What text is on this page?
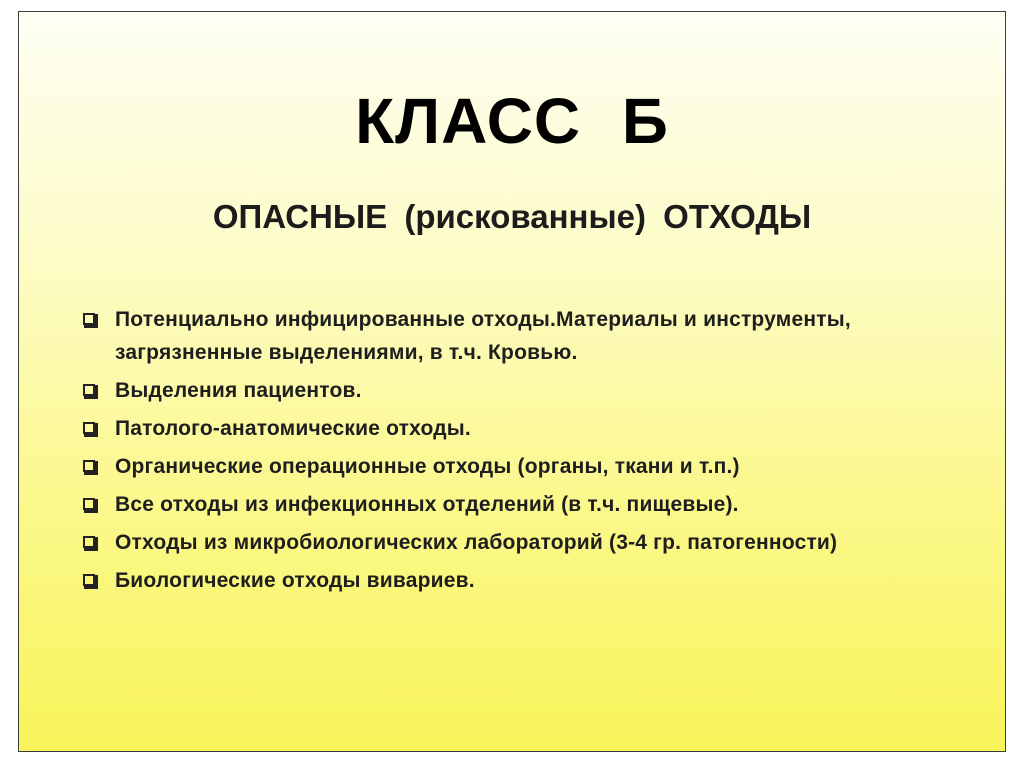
КЛАСС Б
ОПАСНЫЕ (рискованные) ОТХОДЫ
Потенциально инфицированные отходы.Материалы и инструменты, загрязненные выделениями, в т.ч. Кровью.
Выделения пациентов.
Патолого-анатомические отходы.
Органические операционные отходы (органы, ткани и т.п.)
Все отходы из инфекционных отделений (в т.ч. пищевые).
Отходы из микробиологических лабораторий (3-4 гр. патогенности)
Биологические отходы вивариев.
